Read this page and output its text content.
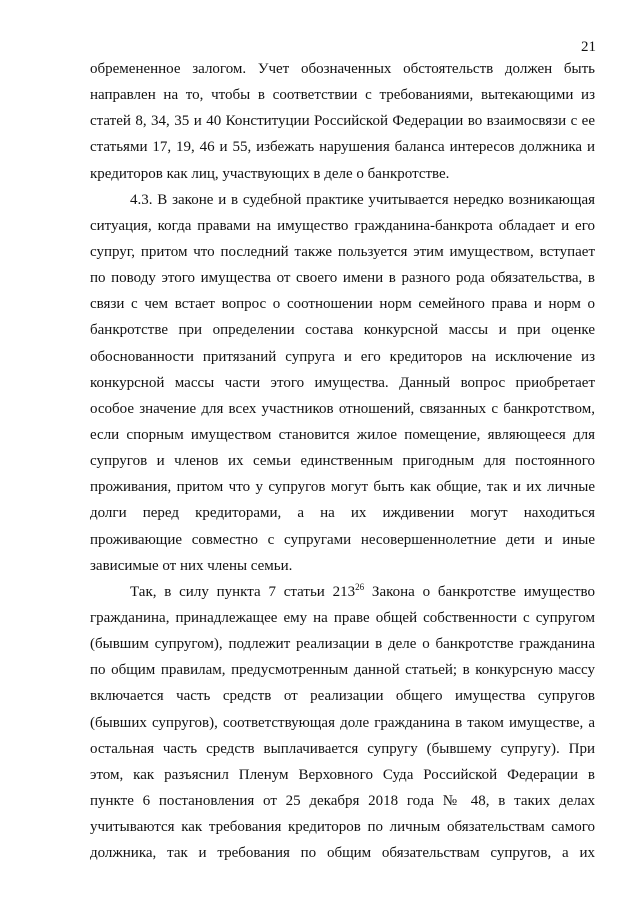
21
обремененное залогом. Учет обозначенных обстоятельств должен быть
направлен на то, чтобы в соответствии с требованиями, вытекающими из
статей 8, 34, 35 и 40 Конституции Российской Федерации во взаимосвязи с ее
статьями 17, 19, 46 и 55, избежать нарушения баланса интересов должника и
кредиторов как лиц, участвующих в деле о банкротстве.
4.3. В законе и в судебной практике учитывается нередко возникающая
ситуация, когда правами на имущество гражданина-банкрота обладает и его
супруг, притом что последний также пользуется этим имуществом, вступает
по поводу этого имущества от своего имени в разного рода обязательства, в
связи с чем встает вопрос о соотношении норм семейного права и норм о
банкротстве при определении состава конкурсной массы и при оценке
обоснованности притязаний супруга и его кредиторов на исключение из
конкурсной массы части этого имущества. Данный вопрос приобретает
особое значение для всех участников отношений, связанных с банкротством,
если спорным имуществом становится жилое помещение, являющееся для
супругов и членов их семьи единственным пригодным для постоянного
проживания, притом что у супругов могут быть как общие, так и их личные
долги перед кредиторами, а на их иждивении могут находиться
проживающие совместно с супругами несовершеннолетние дети и иные
зависимые от них члены семьи.
Так, в силу пункта 7 статьи $213^{26}$ Закона о банкротстве имущество
гражданина, принадлежащее ему на праве общей собственности с супругом
(бывшим супругом), подлежит реализации в деле о банкротстве гражданина
по общим правилам, предусмотренным данной статьей; в конкурсную массу
включается часть средств от реализации общего имущества супругов
(бывших супругов), соответствующая доле гражданина в таком имуществе, а
остальная часть средств выплачивается супругу (бывшему супругу). При
этом, как разъяснил Пленум Верховного Суда Российской Федерации в
пункте 6 постановления от 25 декабря 2018 года № 48, в таких делах
учитываются как требования кредиторов по личным обязательствам самого
должника, так и требования по общим обязательствам супругов, а их
